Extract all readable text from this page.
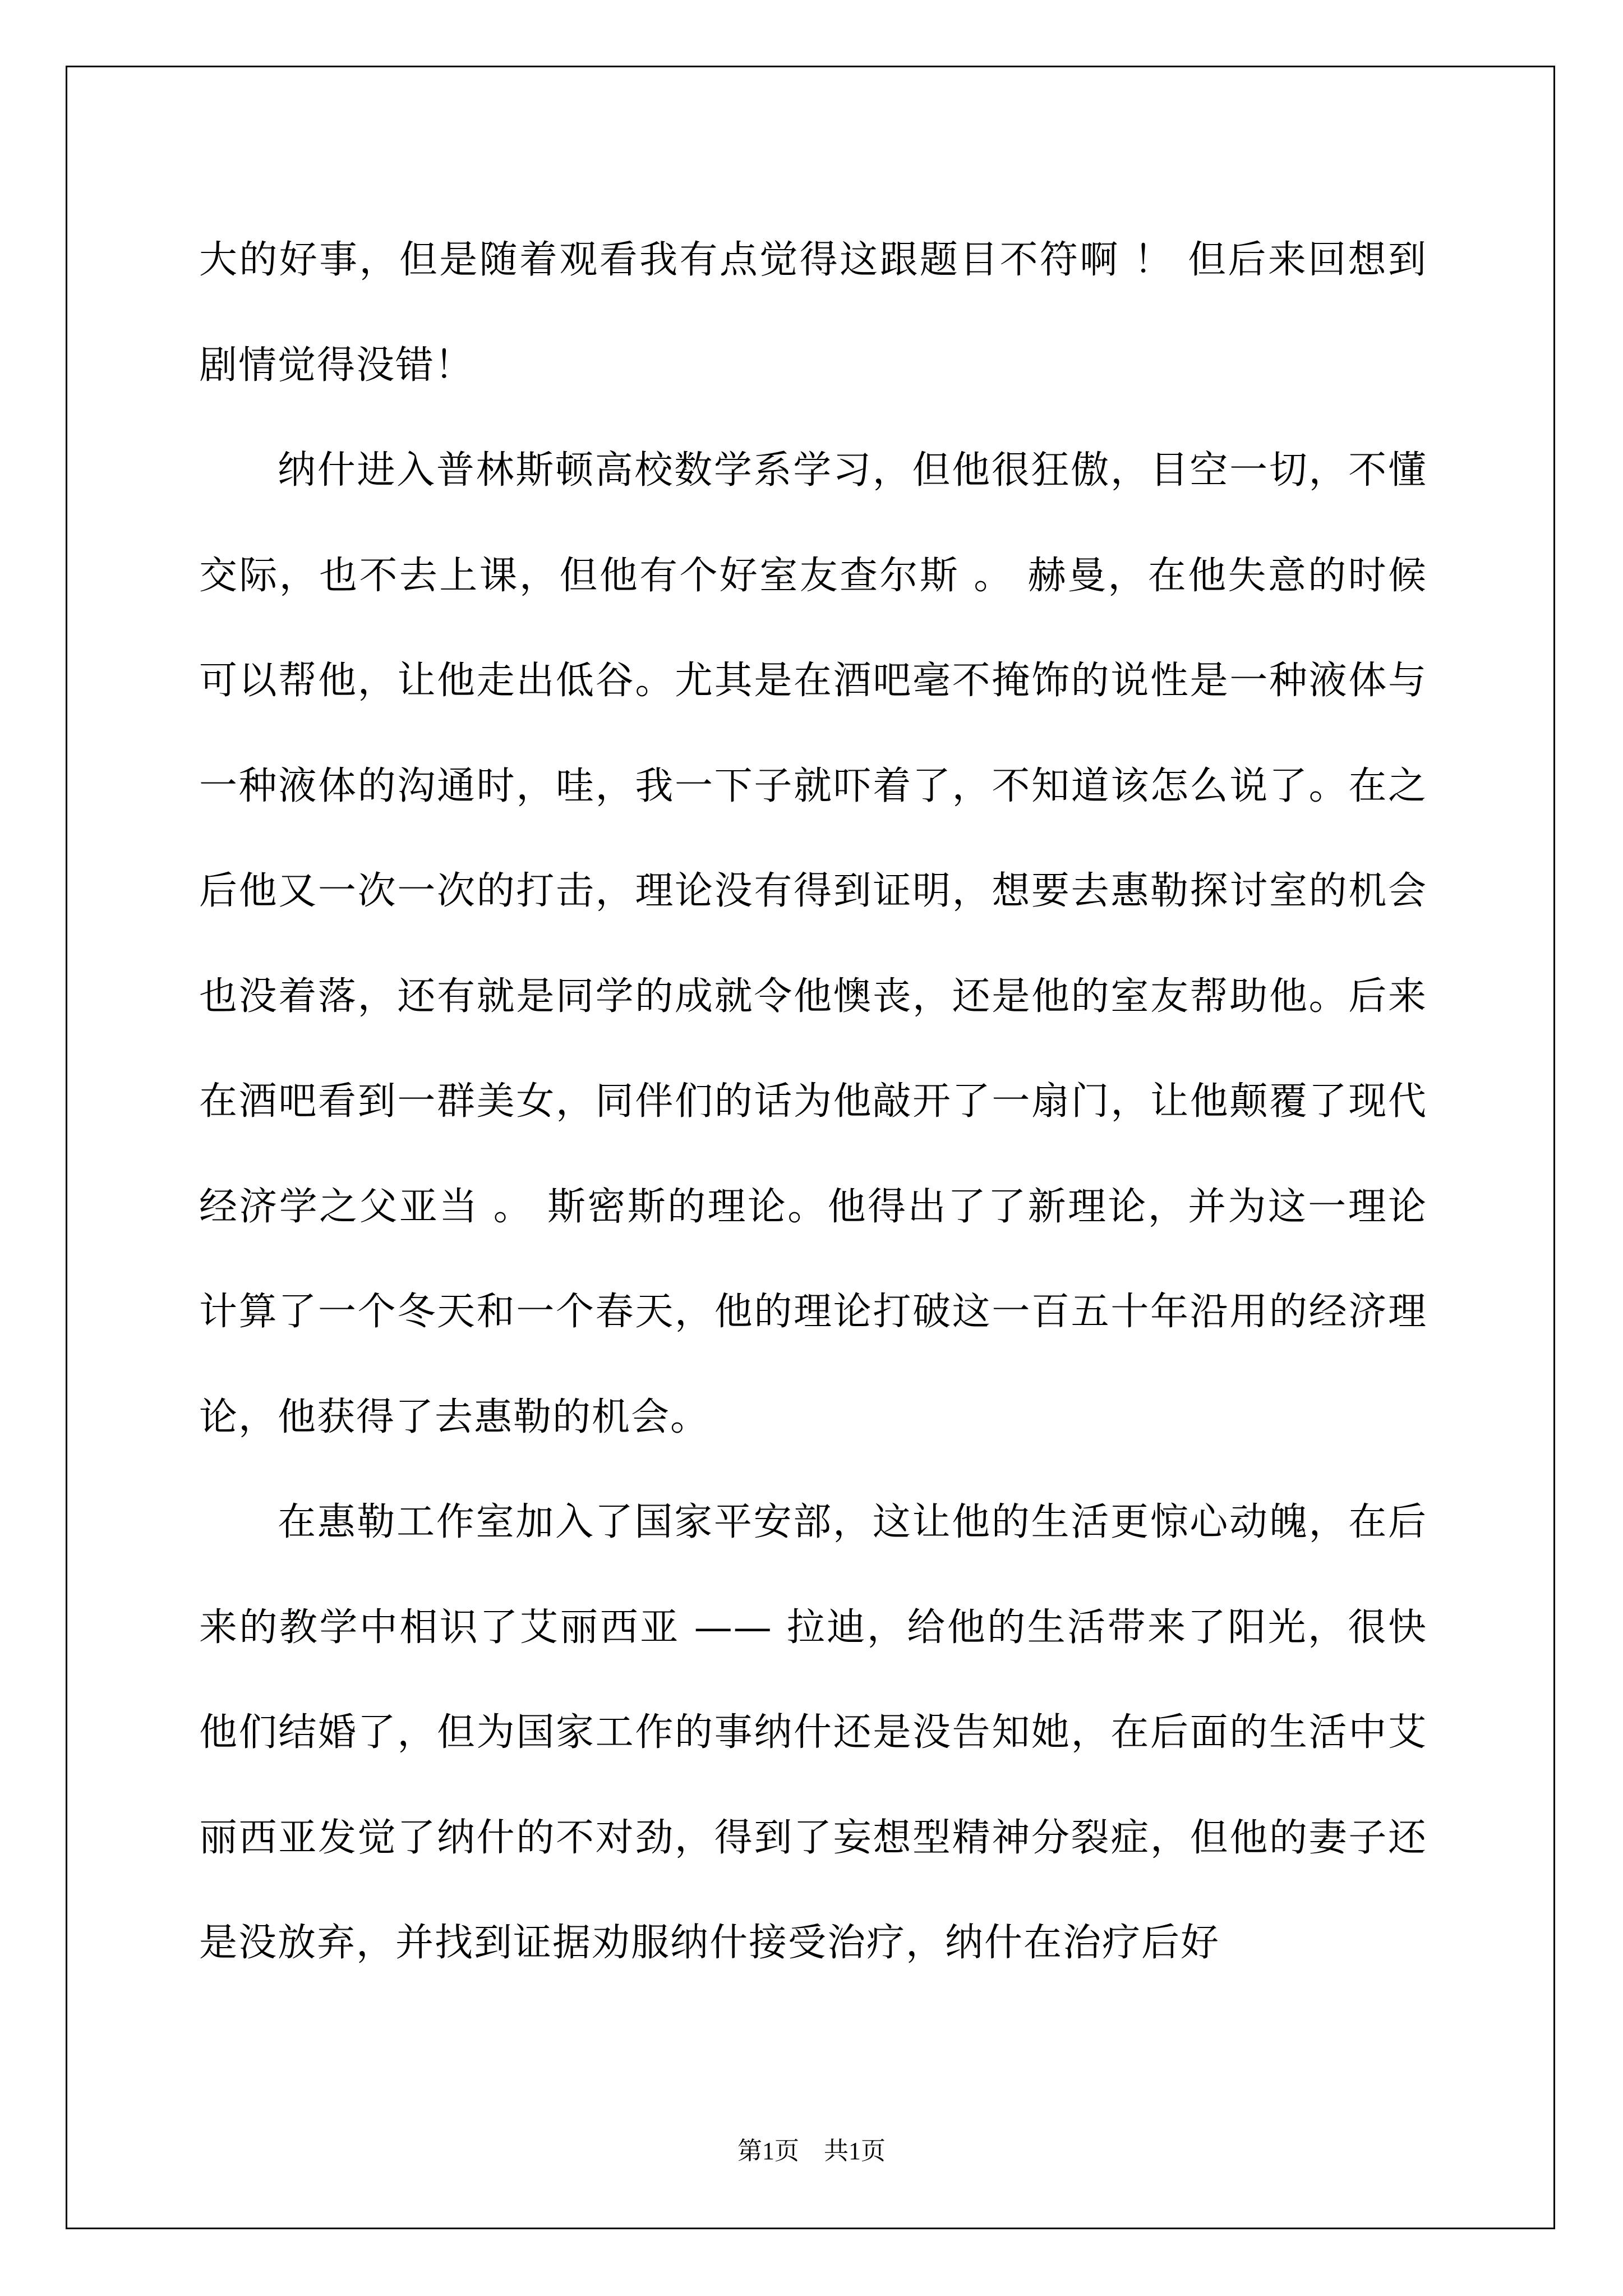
大的好事，但是随着观看我有点觉得这跟题目不符啊 ！ 但后来回想到剧情觉得没错！

纳什进入普林斯顿高校数学系学习，但他很狂傲，目空一切，不懂交际，也不去上课，但他有个好室友查尔斯 。 赫曼，在他失意的时候可以帮他，让他走出低谷。尤其是在酒吧毫不掩饰的说性是一种液体与一种液体的沟通时，哇，我一下子就吓着了，不知道该怎么说了。在之后他又一次一次的打击，理论没有得到证明，想要去惠勒探讨室的机会也没着落，还有就是同学的成就令他懊丧，还是他的室友帮助他。后来在酒吧看到一群美女，同伴们的话为他敲开了一扇门，让他颠覆了现代经济学之父亚当 。 斯密斯的理论。他得出了了新理论，并为这一理论计算了一个冬天和一个春天，他的理论打破这一百五十年沿用的经济理论，他获得了去惠勒的机会。

在惠勒工作室加入了国家平安部，这让他的生活更惊心动魄，在后来的教学中相识了艾丽西亚 —— 拉迪，给他的生活带来了阳光，很快他们结婚了，但为国家工作的事纳什还是没告知她，在后面的生活中艾丽西亚发觉了纳什的不对劲，得到了妄想型精神分裂症，但他的妻子还是没放弃，并找到证据劝服纳什接受治疗，纳什在治疗后好

第1页　共1页
